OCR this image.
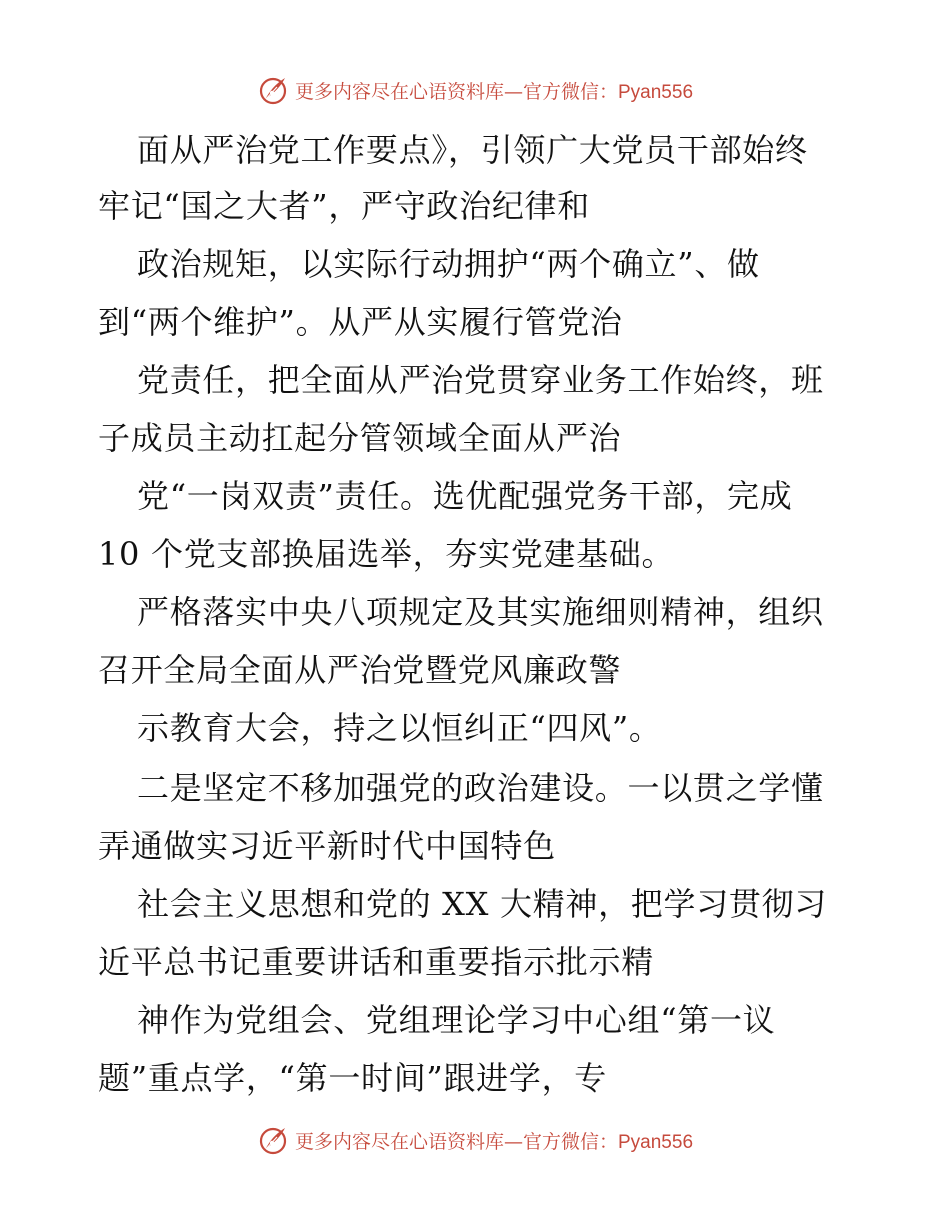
更多内容尽在心语资料库—官方微信：Pyan556
面从严治党工作要点》，引领广大党员干部始终
牢记“国之大者”，严守政治纪律和
政治规矩，以实际行动拥护“两个确立”、做
到“两个维护”。从严从实履行管党治
党责任，把全面从严治党贯穿业务工作始终，班
子成员主动扛起分管领域全面从严治
党“一岗双责”责任。选优配强党务干部，完成
10 个党支部换届选举，夯实党建基础。
严格落实中央八项规定及其实施细则精神，组织
召开全局全面从严治党暨党风廉政警
示教育大会，持之以恒纠正“四风”。
二是坚定不移加强党的政治建设。一以贯之学懂
弄通做实习近平新时代中国特色
社会主义思想和党的 XX 大精神，把学习贯彻习
近平总书记重要讲话和重要指示批示精
神作为党组会、党组理论学习中心组“第一议
题”重点学，“第一时间”跟进学，专
更多内容尽在心语资料库—官方微信：Pyan556
